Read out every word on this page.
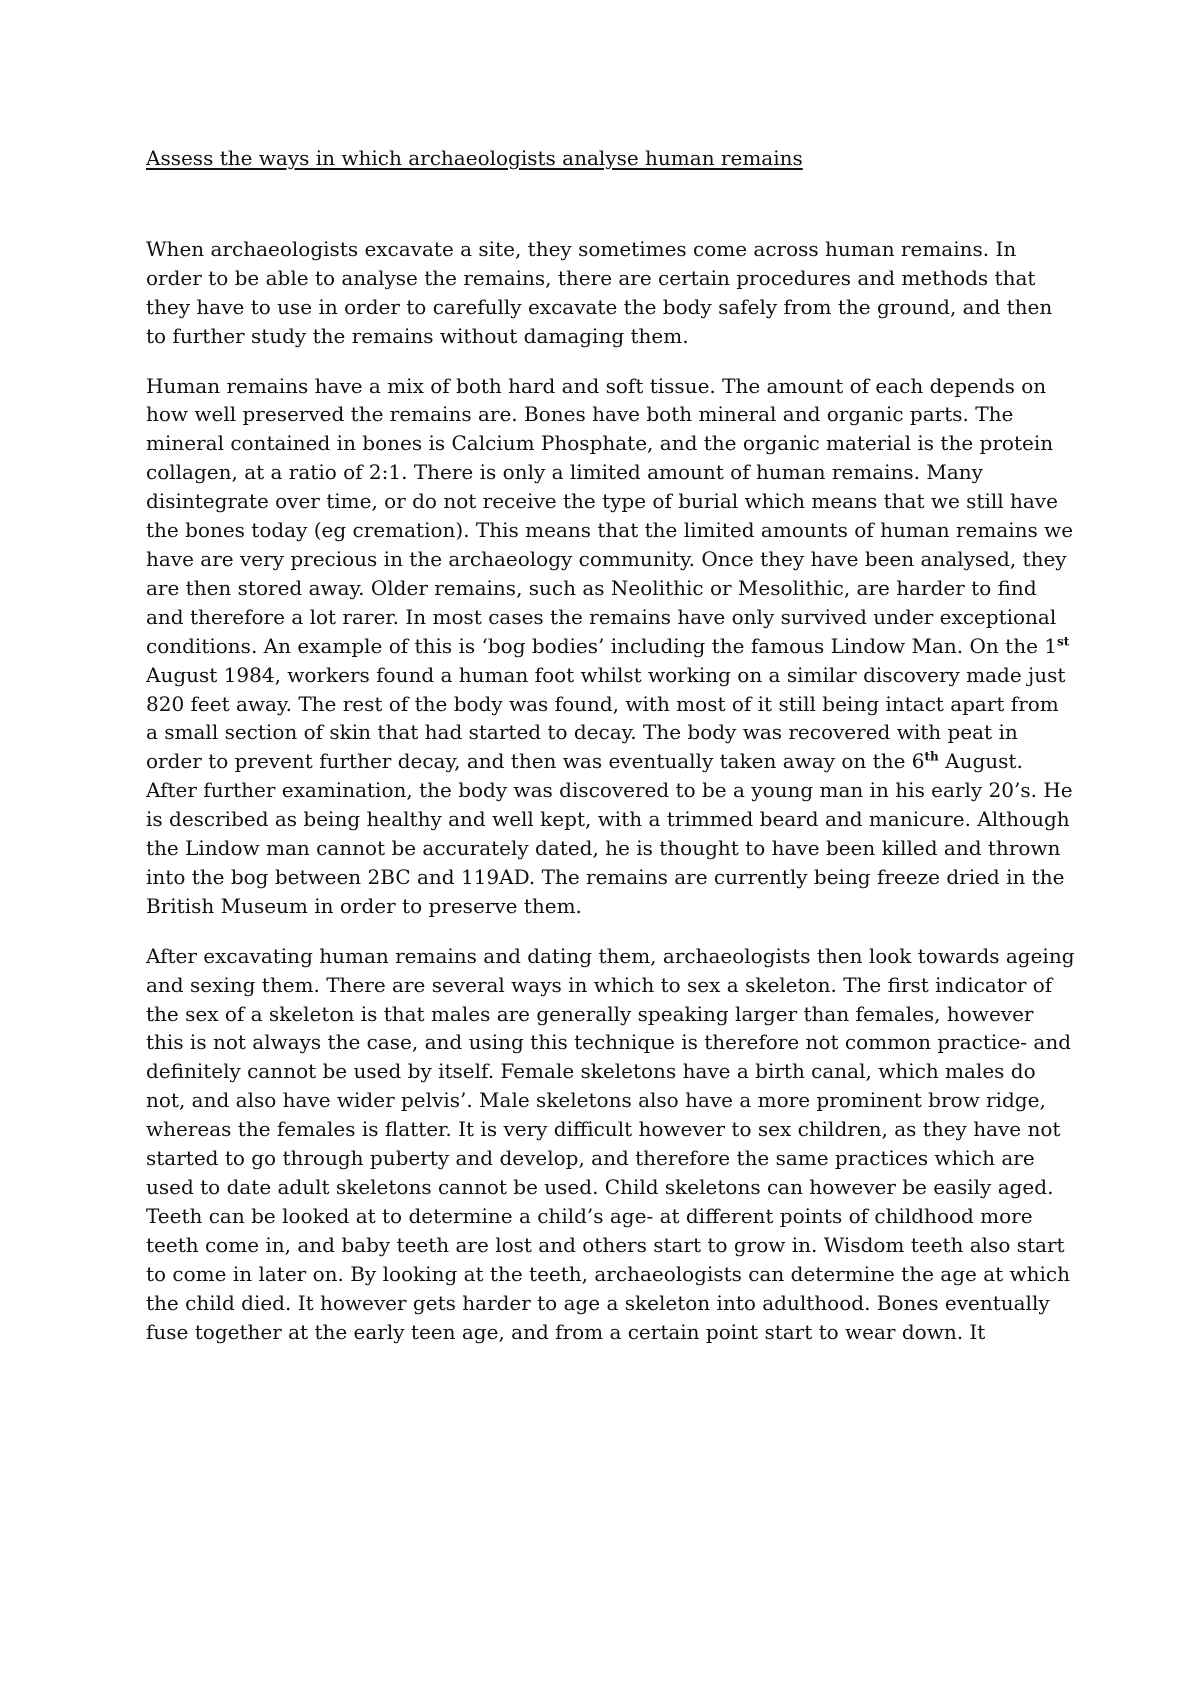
Assess the ways in which archaeologists analyse human remains

When archaeologists excavate a site, they sometimes come across human remains. In order to be able to analyse the remains, there are certain procedures and methods that they have to use in order to carefully excavate the body safely from the ground, and then to further study the remains without damaging them.

Human remains have a mix of both hard and soft tissue. The amount of each depends on how well preserved the remains are. Bones have both mineral and organic parts. The mineral contained in bones is Calcium Phosphate, and the organic material is the protein collagen, at a ratio of 2:1. There is only a limited amount of human remains. Many disintegrate over time, or do not receive the type of burial which means that we still have the bones today (eg cremation). This means that the limited amounts of human remains we have are very precious in the archaeology community. Once they have been analysed, they are then stored away. Older remains, such as Neolithic or Mesolithic, are harder to find and therefore a lot rarer. In most cases the remains have only survived under exceptional conditions. An example of this is ‘bog bodies’ including the famous Lindow Man. On the 1st August 1984, workers found a human foot whilst working on a similar discovery made just 820 feet away. The rest of the body was found, with most of it still being intact apart from a small section of skin that had started to decay. The body was recovered with peat in order to prevent further decay, and then was eventually taken away on the 6th August. After further examination, the body was discovered to be a young man in his early 20’s. He is described as being healthy and well kept, with a trimmed beard and manicure. Although the Lindow man cannot be accurately dated, he is thought to have been killed and thrown into the bog between 2BC and 119AD. The remains are currently being freeze dried in the British Museum in order to preserve them.

After excavating human remains and dating them, archaeologists then look towards ageing and sexing them. There are several ways in which to sex a skeleton. The first indicator of the sex of a skeleton is that males are generally speaking larger than females, however this is not always the case, and using this technique is therefore not common practice- and definitely cannot be used by itself. Female skeletons have a birth canal, which males do not, and also have wider pelvis’. Male skeletons also have a more prominent brow ridge, whereas the females is flatter. It is very difficult however to sex children, as they have not started to go through puberty and develop, and therefore the same practices which are used to date adult skeletons cannot be used. Child skeletons can however be easily aged. Teeth can be looked at to determine a child’s age- at different points of childhood more teeth come in, and baby teeth are lost and others start to grow in. Wisdom teeth also start to come in later on. By looking at the teeth, archaeologists can determine the age at which the child died. It however gets harder to age a skeleton into adulthood. Bones eventually fuse together at the early teen age, and from a certain point start to wear down. It
